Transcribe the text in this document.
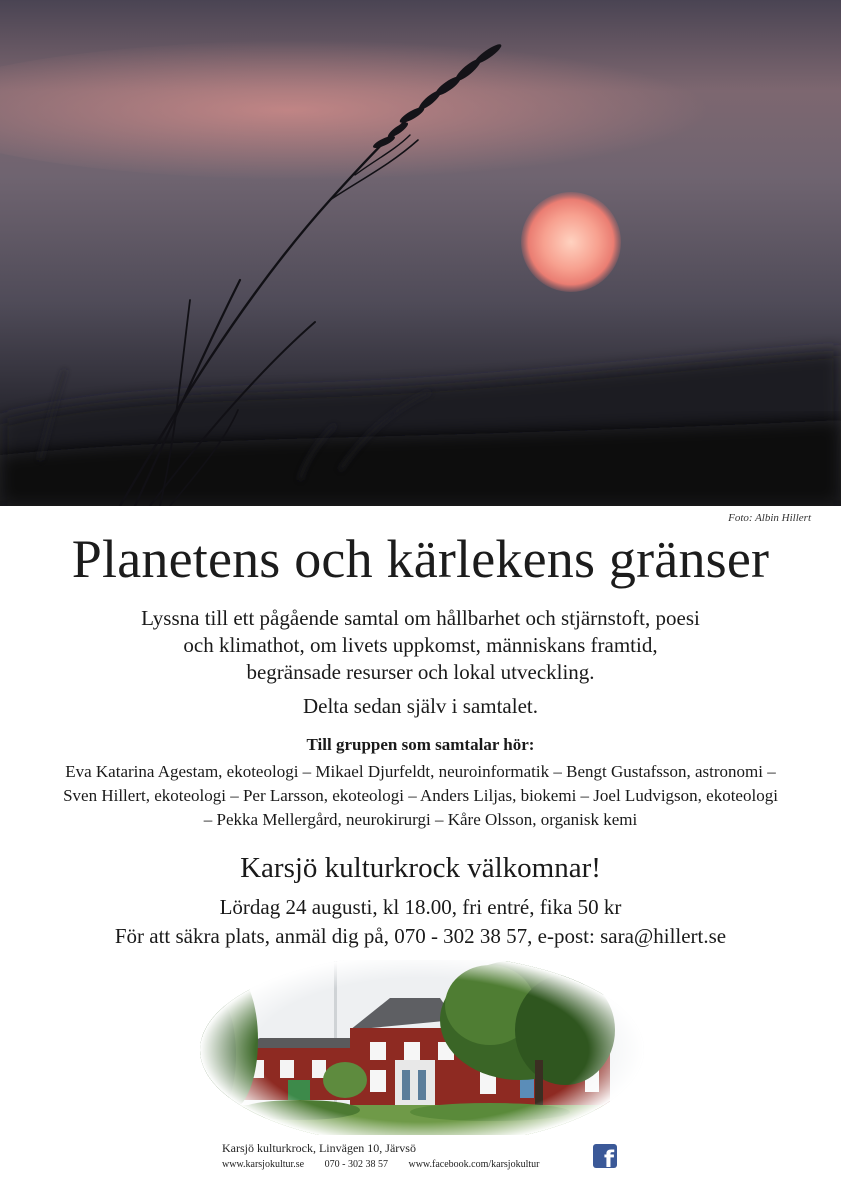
Foto: Albin Hillert
Planetens och kärlekens gränser

Lyssna till ett pågående samtal om hållbarhet och stjärnstoft, poesi

och klimathot, om livets uppkomst, människans framtid,

begränsade resurser och lokal utveckling.

Delta sedan själv i samtalet.
Till gruppen som samtalar hör:
Eva Katarina Agestam, ekoteologi – Mikael Djurfeldt, neuroinformatik – Bengt Gustafsson, astronomi – Sven Hillert, ekoteologi – Per Larsson, ekoteologi – Anders Liljas, biokemi – Joel Ludvigson, ekoteologi – Pekka Mellergård, neurokirurgi – Kåre Olsson, organisk kemi
Karsjö kulturkrock välkomnar!

Lördag 24 augusti, kl 18.00, fri entré, fika 50 kr

För att säkra plats, anmäl dig på, 070 - 302 38 57, e-post: sara@hillert.se

Karsjö kulturkrock, Linvägen 10, Järvsö
www.karsjokultur.se 070 - 302 38 57 www.facebook.com/karsjokultur	f
